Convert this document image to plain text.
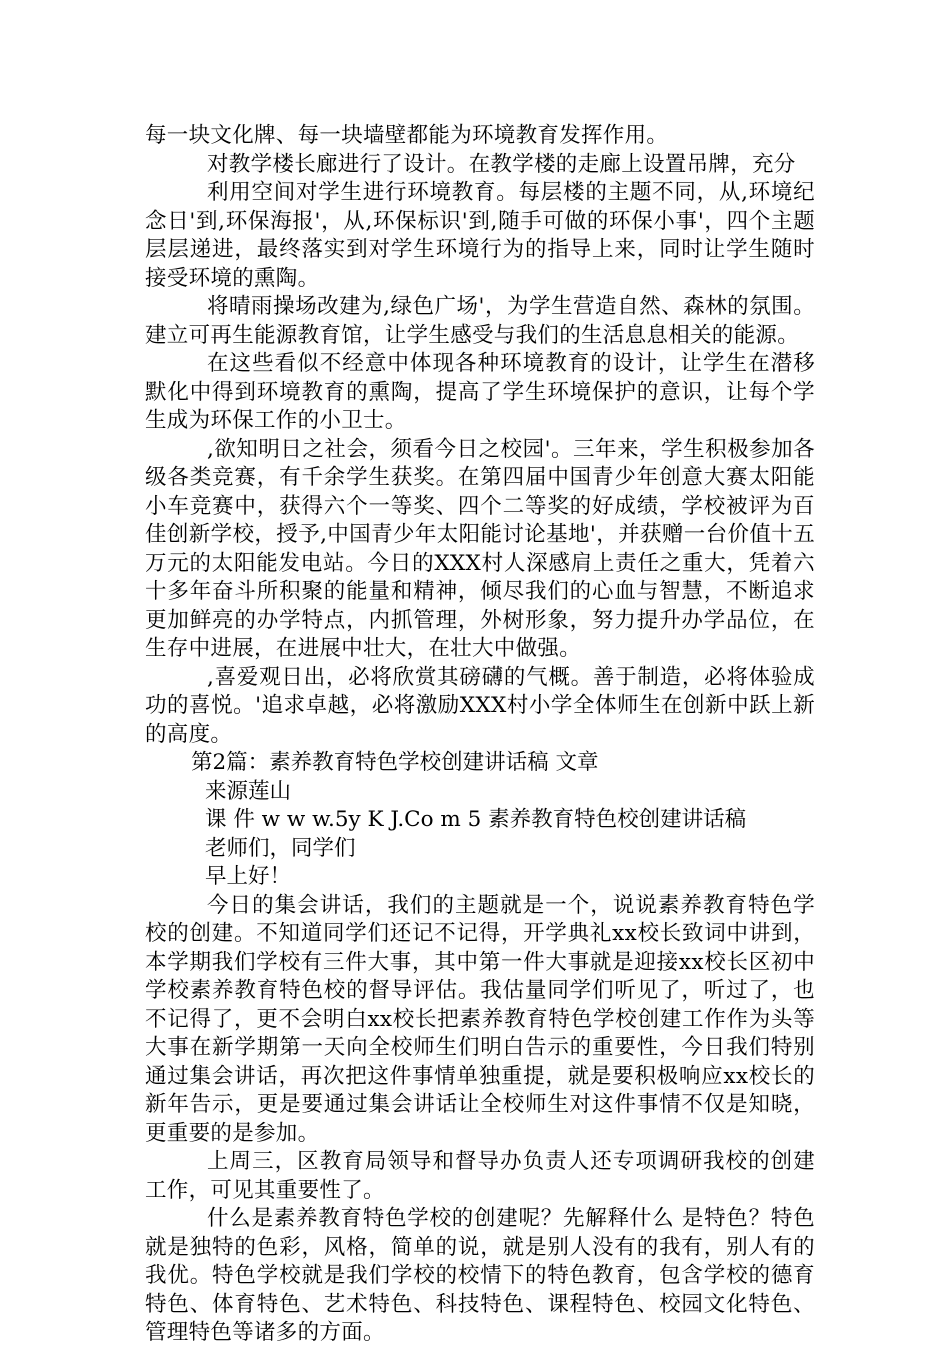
每一块文化牌、每一块墙壁都能为环境教育发挥作用。

对教学楼长廊进行了设计。在教学楼的走廊上设置吊牌，充分

利用空间对学生进行环境教育。每层楼的主题不同，从,环境纪念日'到,环保海报'，从,环保标识'到,随手可做的环保小事'，四个主题层层递进，最终落实到对学生环境行为的指导上来，同时让学生随时接受环境的熏陶。

将晴雨操场改建为,绿色广场'，为学生营造自然、森林的氛围。建立可再生能源教育馆，让学生感受与我们的生活息息相关的能源。

在这些看似不经意中体现各种环境教育的设计，让学生在潜移默化中得到环境教育的熏陶，提高了学生环境保护的意识，让每个学生成为环保工作的小卫士。

,欲知明日之社会，须看今日之校园'。三年来，学生积极参加各级各类竞赛，有千余学生获奖。在第四届中国青少年创意大赛太阳能小车竞赛中，获得六个一等奖、四个二等奖的好成绩，学校被评为百佳创新学校，授予,中国青少年太阳能讨论基地'，并获赠一台价值十五万元的太阳能发电站。今日的XXX村人深感肩上责任之重大，凭着六十多年奋斗所积聚的能量和精神，倾尽我们的心血与智慧，不断追求更加鲜亮的办学特点，内抓管理，外树形象，努力提升办学品位，在生存中进展，在进展中壮大，在壮大中做强。

,喜爱观日出，必将欣赏其磅礴的气概。善于制造，必将体验成功的喜悦。'追求卓越，必将激励XXX村小学全体师生在创新中跃上新的高度。

第2篇：素养教育特色学校创建讲话稿 文章

来源莲山

课 件 w w w.5y K J.Co m 5 素养教育特色校创建讲话稿

老师们，同学们

早上好！

今日的集会讲话，我们的主题就是一个，说说素养教育特色学校的创建。不知道同学们还记不记得，开学典礼xx校长致词中讲到，本学期我们学校有三件大事，其中第一件大事就是迎接xx校长区初中学校素养教育特色校的督导评估。我估量同学们听见了，听过了，也不记得了，更不会明白xx校长把素养教育特色学校创建工作作为头等大事在新学期第一天向全校师生们明白告示的重要性，今日我们特别通过集会讲话，再次把这件事情单独重提，就是要积极响应xx校长的新年告示，更是要通过集会讲话让全校师生对这件事情不仅是知晓，更重要的是参加。

上周三，区教育局领导和督导办负责人还专项调研我校的创建工作，可见其重要性了。

什么是素养教育特色学校的创建呢？先解释什么 是特色？特色就是独特的色彩，风格，简单的说，就是别人没有的我有，别人有的我优。特色学校就是我们学校的校情下的特色教育，包含学校的德育特色、体育特色、艺术特色、科技特色、课程特色、校园文化特色、管理特色等诸多的方面。
